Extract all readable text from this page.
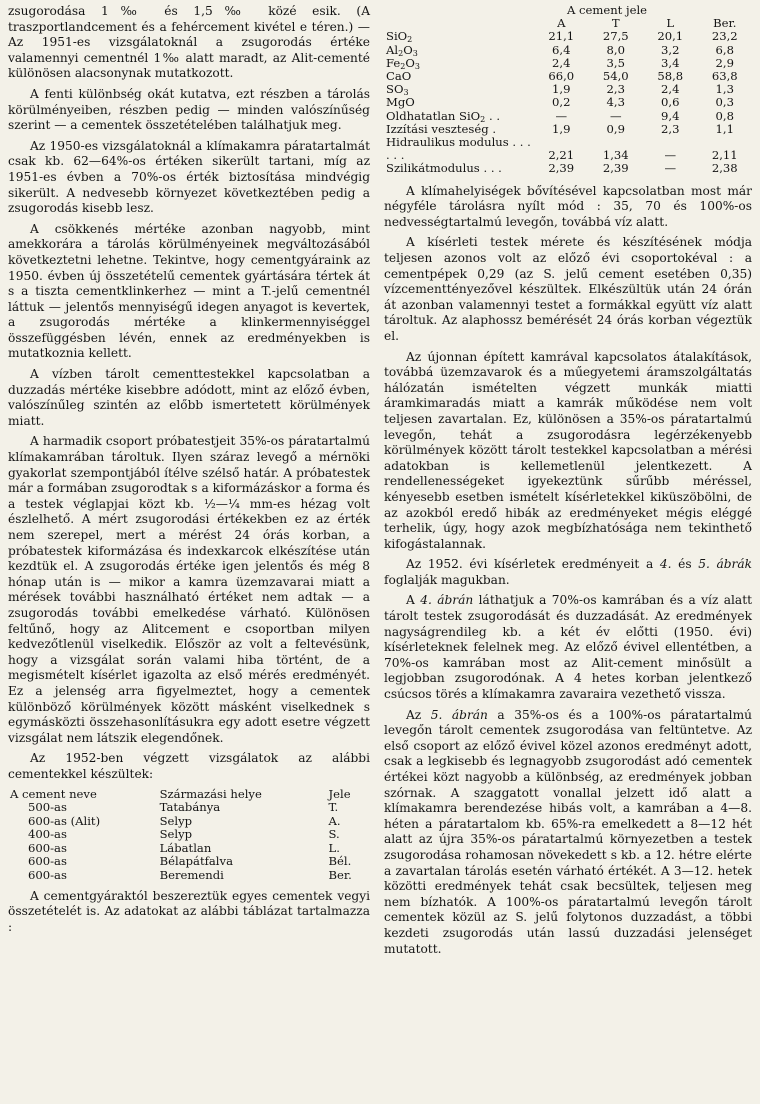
zsugorodása 1‰ és 1,5‰ közé esik. (A traszportlandcement és a fehércement kivétel e téren.) — Az 1951-es vizsgálatoknál a zsugorodás értéke valamennyi cementnél 1‰ alatt maradt, az Alit-cementé különösen alacsonynak mutatkozott.

A fenti különbség okát kutatva, ezt részben a tárolás körülményeiben, részben pedig — minden valószínűség szerint — a cementek összetételében találhatjuk meg.

Az 1950-es vizsgálatoknál a klímakamra páratartalmát csak kb. 62—64%-os értéken sikerült tartani, míg az 1951-es évben a 70%-os érték biztosítása mindvégig sikerült. A nedvesebb környezet következtében pedig a zsugorodás kisebb lesz.

A csökkenés mértéke azonban nagyobb, mint amekkorára a tárolás körülményeinek megváltozásából következtetni lehetne. Tekintve, hogy cementgyáraink az 1950. évben új összetételű cementek gyártására tértek át s a tiszta cementklinkerhez — mint a T.-jelű cementnél láttuk — jelentős mennyiségű idegen anyagot is kevertek, a zsugorodás mértéke a klinkermennyiséggel összefüggésben lévén, ennek az eredményekben is mutatkoznia kellett.

A vízben tárolt cementtestekkel kapcsolatban a duzzadás mértéke kisebbre adódott, mint az előző évben, valószínűleg szintén az előbb ismertetett körülmények miatt.

A harmadik csoport próbatestjeit 35%-os páratartalmú klímakamrában tároltuk. Ilyen száraz levegő a mérnöki gyakorlat szempontjából ítélve szélső határ. A próbatestek már a formában zsugorodtak s a kiformázáskor a forma és a testek véglapjai közt kb. ½—¼ mm-es hézag volt észlelhető. A mért zsugorodási értékekben ez az érték nem szerepel, mert a mérést 24 órás korban, a próbatestek kiformázása és indexkarcok elkészítése után kezdtük el. A zsugorodás értéke igen jelentős és még 8 hónap után is — mikor a kamra üzemzavarai miatt a mérések további használható értéket nem adtak — a zsugorodás további emelkedése várható. Különösen feltűnő, hogy az Alitcement e csoportban milyen kedvezőtlenül viselkedik. Először az volt a feltevésünk, hogy a vizsgálat során valami hiba történt, de a megismételt kísérlet igazolta az első mérés eredményét. Ez a jelenség arra figyelmeztet, hogy a cementek különböző körülmények között másként viselkednek s egymásközti összehasonlításukra egy adott esetre végzett vizsgálat nem látszik elegendőnek.

Az 1952-ben végzett vizsgálatok az alábbi cementekkel készültek:

A cement neve	Származási helye	Jele
500-as	Tatabánya	T.
600-as (Alit)	Selyp	A.
400-as	Selyp	S.
600-as	Lábatlan	L.
600-as	Bélapátfalva	Bél.
600-as	Beremendi	Ber.

A cementgyáraktól beszereztük egyes cementek vegyi összetételét is. Az adatokat az alábbi táblázat tartalmazza :

A cement jele				
	A	T	L	Ber.
SiO$_2$	21,1	27,5	20,1	23,2
$Al_2O_3$	6,4	8,0	3,2	6,8
$Fe_2O_3$	2,4	3,5	3,4	2,9
CaO	66,0	54,0	58,8	63,8
$SO_3$	1,9	2,3	2,4	1,3
MgO	0,2	4,3	0,6	0,3
Oldhatatlan SiO$_2$ . .	—	—	9,4	0,8
Izzítási veszteség .	1,9	0,9	2,3	1,1
Hidraulikus modulus . . . . . .	2,21	1,34	—	2,11
Szilikátmodulus . . .	2,39	2,39	—	2,38

A klímahelyiségek bővítésével kapcsolatban most már négyféle tárolásra nyílt mód : 35, 70 és 100%-os nedvességtartalmú levegőn, továbbá víz alatt.

A kísérleti testek mérete és készítésének módja teljesen azonos volt az előző évi csoportokéval : a cementpépek 0,29 (az S. jelű cement esetében 0,35) vízcementtényezővel készültek. Elkészültük után 24 órán át azonban valamennyi testet a formákkal együtt víz alatt tároltuk. Az alaphossz bemérését 24 órás korban végeztük el.

Az újonnan épített kamrával kapcsolatos átalakítások, továbbá üzemzavarok és a műegyetemi áramszolgáltatás hálózatán ismételten végzett munkák miatti áramkimaradás miatt a kamrák működése nem volt teljesen zavartalan. Ez, különösen a 35%-os páratartalmú levegőn, tehát a zsugorodásra legérzékenyebb körülmények között tárolt testekkel kapcsolatban a mérési adatokban is kellemetlenül jelentkezett. A rendellenességeket igyekeztünk sűrűbb méréssel, kényesebb esetben ismételt kísérletekkel kiküszöbölni, de az azokból eredő hibák az eredményeket mégis eléggé terhelik, úgy, hogy azok megbízhatósága nem tekinthető kifogástalannak.

Az 1952. évi kísérletek eredményeit a 4. és 5. ábrák foglalják magukban.

A 4. ábrán láthatjuk a 70%-os kamrában és a víz alatt tárolt testek zsugorodását és duzzadását. Az eredmények nagyságrendileg kb. a két év előtti (1950. évi) kísérleteknek felelnek meg. Az előző évivel ellentétben, a 70%-os kamrában most az Alit-cement minősült a legjobban zsugorodónak. A 4 hetes korban jelentkező csúcsos törés a klímakamra zavaraira vezethető vissza.

Az 5. ábrán a 35%-os és a 100%-os páratartalmú levegőn tárolt cementek zsugorodása van feltüntetve. Az első csoport az előző évivel közel azonos eredményt adott, csak a legkisebb és legnagyobb zsugorodást adó cementek értékei közt nagyobb a különbség, az eredmények jobban szórnak. A szaggatott vonallal jelzett idő alatt a klímakamra berendezése hibás volt, a kamrában a 4—8. héten a páratartalom kb. 65%-ra emelkedett a 8—12 hét alatt az újra 35%-os páratartalmú környezetben a testek zsugorodása rohamosan növekedett s kb. a 12. hétre elérte a zavartalan tárolás esetén várható értékét. A 3—12. hetek közötti eredmények tehát csak becsültek, teljesen meg nem bízhatók. A 100%-os páratartalmú levegőn tárolt cementek közül az S. jelű folytonos duzzadást, a többi kezdeti zsugorodás után lassú duzzadási jelenséget mutatott.
